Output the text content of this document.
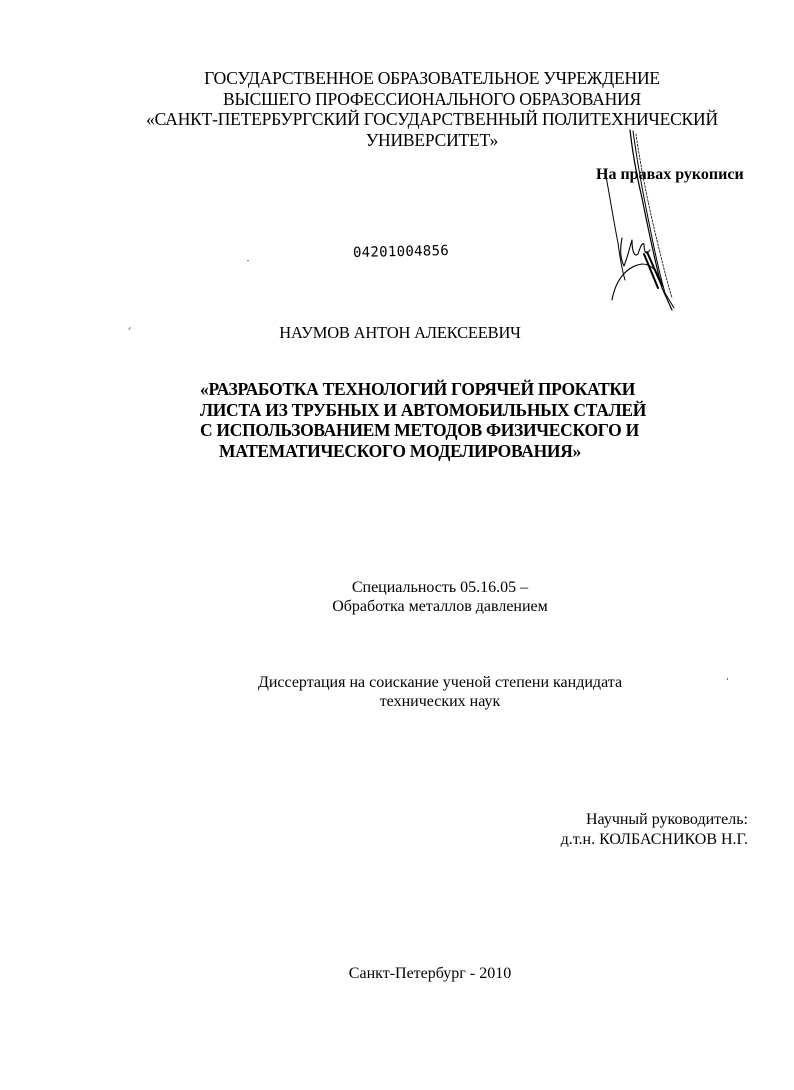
ГОСУДАРСТВЕННОЕ ОБРАЗОВАТЕЛЬНОЕ УЧРЕЖДЕНИЕ
ВЫСШЕГО ПРОФЕССИОНАЛЬНОГО ОБРАЗОВАНИЯ
«САНКТ-ПЕТЕРБУРГСКИЙ ГОСУДАРСТВЕННЫЙ ПОЛИТЕХНИЧЕСКИЙ
УНИВЕРСИТЕТ»
На правах рукописи
04201004856
НАУМОВ АНТОН АЛЕКСЕЕВИЧ
«РАЗРАБОТКА ТЕХНОЛОГИЙ ГОРЯЧЕЙ ПРОКАТКИ
ЛИСТА ИЗ ТРУБНЫХ И АВТОМОБИЛЬНЫХ СТАЛЕЙ
С ИСПОЛЬЗОВАНИЕМ МЕТОДОВ ФИЗИЧЕСКОГО И
МАТЕМАТИЧЕСКОГО МОДЕЛИРОВАНИЯ»
Специальность 05.16.05 –
Обработка металлов давлением
Диссертация на соискание ученой степени кандидата
технических наук
Научный руководитель:
д.т.н. КОЛБАСНИКОВ Н.Г.
Санкт-Петербург - 2010
